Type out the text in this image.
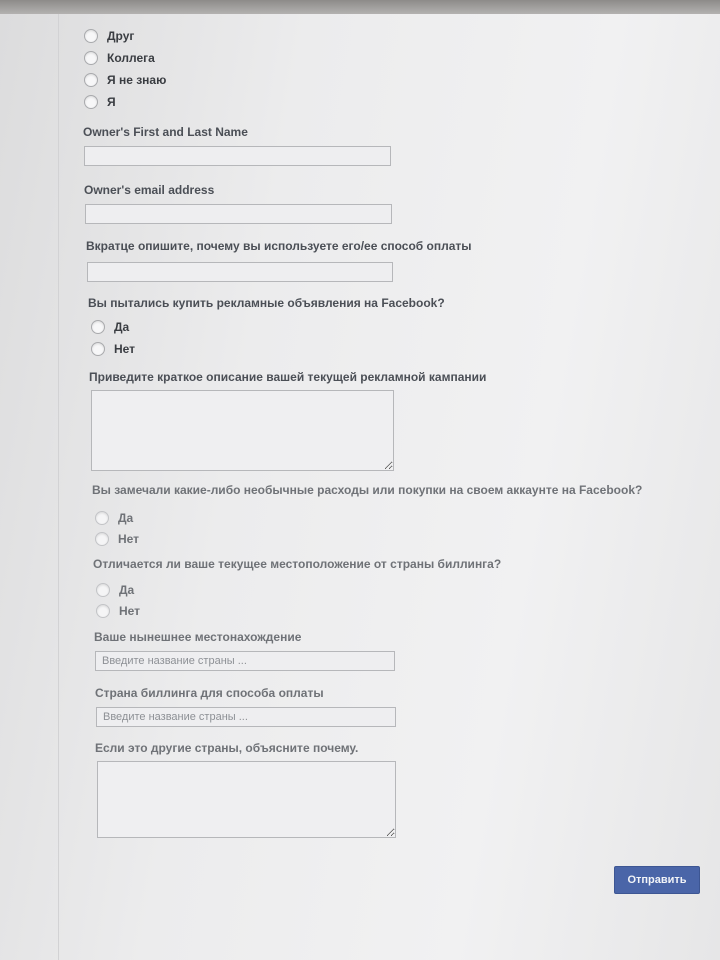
Друг
Коллега
Я не знаю
Я
Owner's First and Last Name
Owner's email address
Вкратце опишите, почему вы используете его/ее способ оплаты
Вы пытались купить рекламные объявления на Facebook?
Да
Нет
Приведите краткое описание вашей текущей рекламной кампании
Вы замечали какие-либо необычные расходы или покупки на своем аккаунте на Facebook?
Да
Нет
Отличается ли ваше текущее местоположение от страны биллинга?
Да
Нет
Ваше нынешнее местонахождение
Введите название страны ...
Страна биллинга для способа оплаты
Введите название страны ...
Если это другие страны, объясните почему.
Отправить
